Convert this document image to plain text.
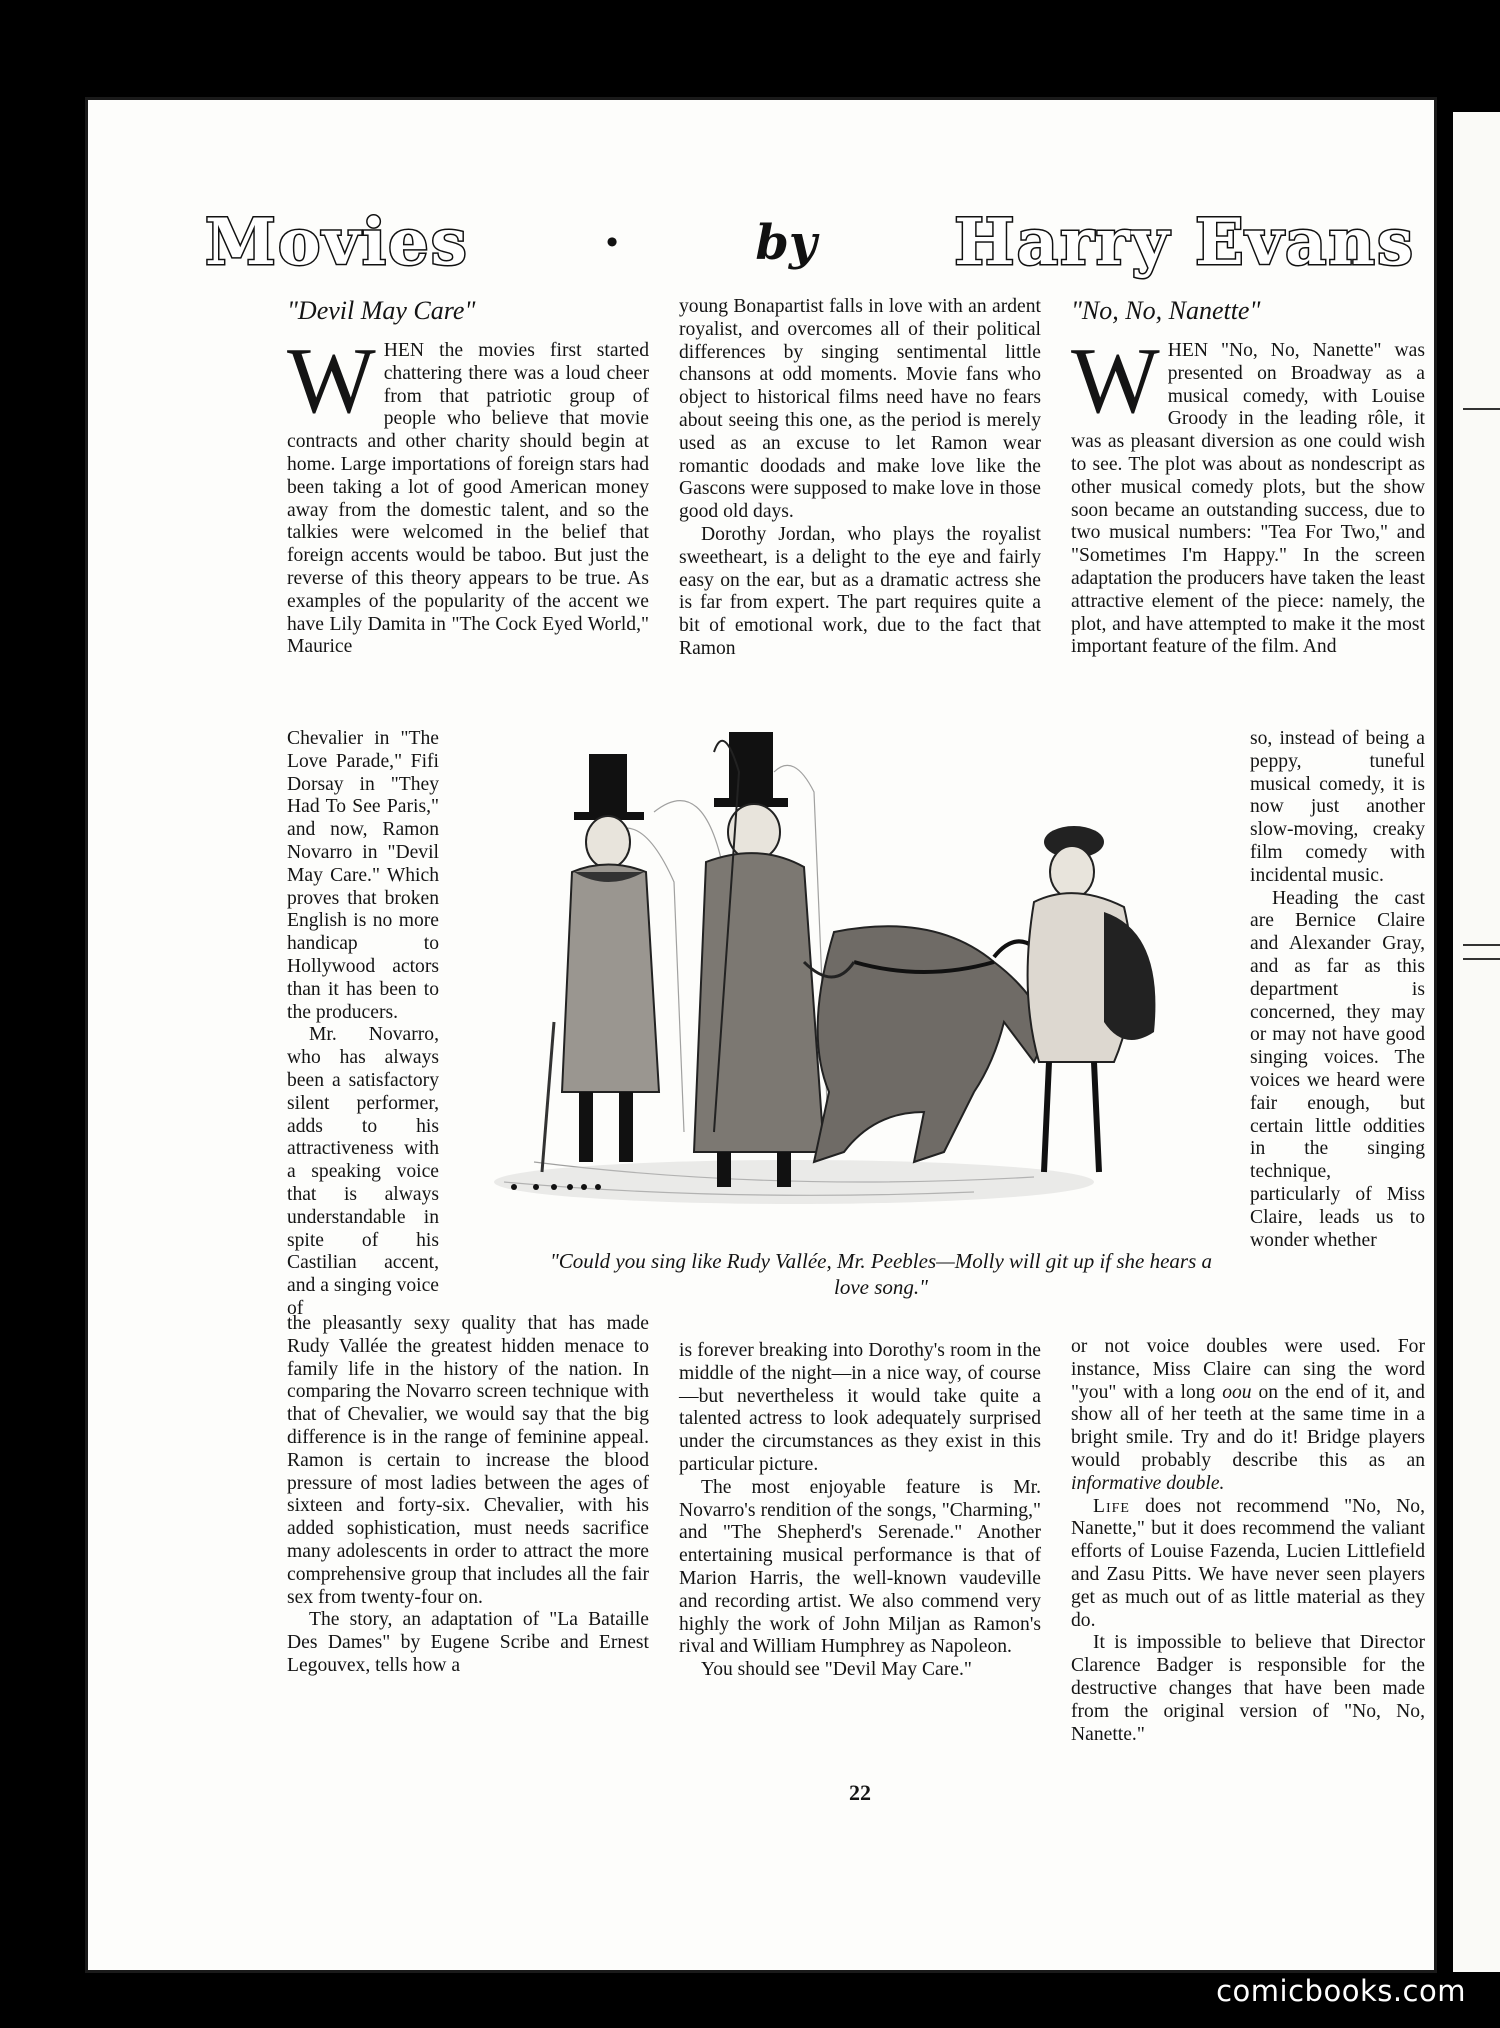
Movies	•	by Harry Evans
"Devil May Care"

WHEN the movies first started chattering there was a loud cheer from that patriotic group of people who believe that movie contracts and other charity should begin at home. Large importations of foreign stars had been taking a lot of good American money away from the domestic talent, and so the talkies were welcomed in the belief that foreign accents would be taboo. But just the reverse of this theory appears to be true. As examples of the popularity of the accent we have Lily Damita in "The Cock Eyed World," Maurice

Chevalier in "The Love Parade," Fifi Dorsay in "They Had To See Paris," and now, Ramon Novarro in "Devil May Care." Which proves that broken English is no more handicap to Hollywood actors than it has been to the producers.

Mr. Novarro, who has always been a satisfactory silent performer, adds to his attractiveness with a speaking voice that is always understandable in spite of his Castilian accent, and a singing voice of

the pleasantly sexy quality that has made Rudy Vallée the greatest hidden menace to family life in the history of the nation. In comparing the Novarro screen technique with that of Chevalier, we would say that the big difference is in the range of feminine appeal. Ramon is certain to increase the blood pressure of most ladies between the ages of sixteen and forty-six. Chevalier, with his added sophistication, must needs sacrifice many adolescents in order to attract the more comprehensive group that includes all the fair sex from twenty-four on.

The story, an adaptation of "La Bataille Des Dames" by Eugene Scribe and Ernest Legouvex, tells how a

young Bonapartist falls in love with an ardent royalist, and overcomes all of their political differences by singing sentimental little chansons at odd moments. Movie fans who object to historical films need have no fears about seeing this one, as the period is merely used as an excuse to let Ramon wear romantic doodads and make love like the Gascons were supposed to make love in those good old days.

Dorothy Jordan, who plays the royalist sweetheart, is a delight to the eye and fairly easy on the ear, but as a dramatic actress she is far from expert. The part requires quite a bit of emotional work, due to the fact that Ramon

is forever breaking into Dorothy's room in the middle of the night—in a nice way, of course—but nevertheless it would take quite a talented actress to look adequately surprised under the circumstances as they exist in this particular picture.

The most enjoyable feature is Mr. Novarro's rendition of the songs, "Charming," and "The Shepherd's Serenade." Another entertaining musical performance is that of Marion Harris, the well-known vaudeville and recording artist. We also commend very highly the work of John Miljan as Ramon's rival and William Humphrey as Napoleon.

You should see "Devil May Care."

"No, No, Nanette"

WHEN "No, No, Nanette" was presented on Broadway as a musical comedy, with Louise Groody in the leading rôle, it was as pleasant diversion as one could wish to see. The plot was about as nondescript as other musical comedy plots, but the show soon became an outstanding success, due to two musical numbers: "Tea For Two," and "Sometimes I'm Happy." In the screen adaptation the producers have taken the least attractive element of the piece: namely, the plot, and have attempted to make it the most important feature of the film. And

so, instead of being a peppy, tuneful musical comedy, it is now just another slow-moving, creaky film comedy with incidental music.

Heading the cast are Bernice Claire and Alexander Gray, and as far as this department is concerned, they may or may not have good singing voices. The voices we heard were fair enough, but certain little oddities in the singing technique, particularly of Miss Claire, leads us to wonder whether

or not voice doubles were used. For instance, Miss Claire can sing the word "you" with a long oou on the end of it, and show all of her teeth at the same time in a bright smile. Try and do it! Bridge players would probably describe this as an informative double.

Life does not recommend "No, No, Nanette," but it does recommend the valiant efforts of Louise Fazenda, Lucien Littlefield and Zasu Pitts. We have never seen players get as much out of as little material as they do.

It is impossible to believe that Director Clarence Badger is responsible for the destructive changes that have been made from the original version of "No, No, Nanette."

"Could you sing like Rudy Vallée, Mr. Peebles—Molly will git up if she hears a love song."
22
comicbooks.com
